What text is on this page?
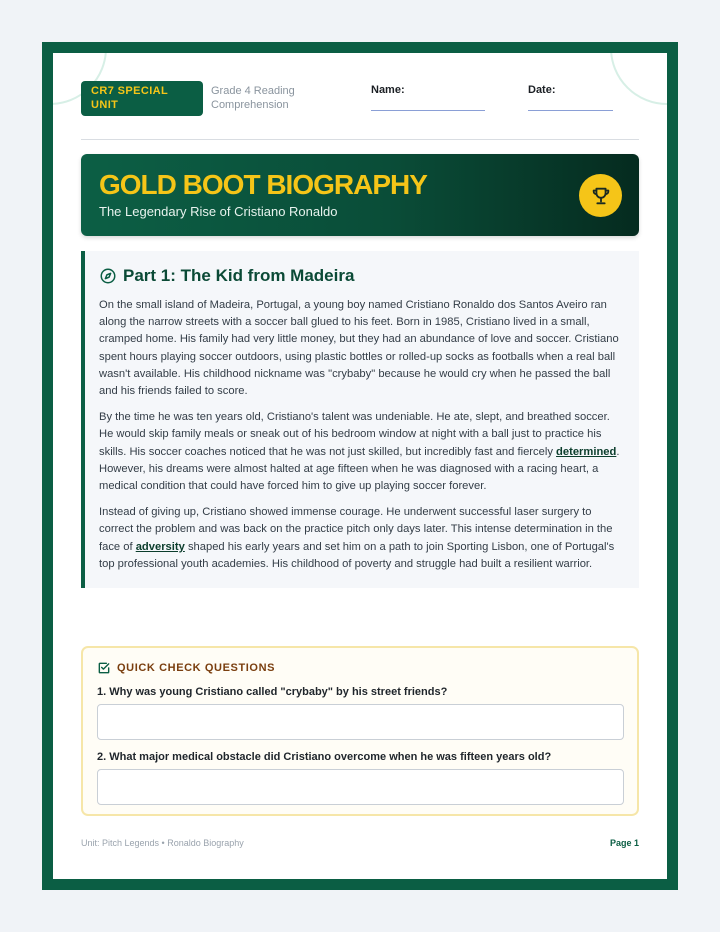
CR7 SPECIAL UNIT
Grade 4 Reading Comprehension
Name:	Date:
GOLD BOOT BIOGRAPHY
The Legendary Rise of Cristiano Ronaldo
Part 1: The Kid from Madeira

On the small island of Madeira, Portugal, a young boy named Cristiano Ronaldo dos Santos Aveiro ran along the narrow streets with a soccer ball glued to his feet. Born in 1985, Cristiano lived in a small, cramped home. His family had very little money, but they had an abundance of love and soccer. Cristiano spent hours playing soccer outdoors, using plastic bottles or rolled-up socks as footballs when a real ball wasn't available. His childhood nickname was "crybaby" because he would cry when he passed the ball and his friends failed to score.

By the time he was ten years old, Cristiano's talent was undeniable. He ate, slept, and breathed soccer. He would skip family meals or sneak out of his bedroom window at night with a ball just to practice his skills. His soccer coaches noticed that he was not just skilled, but incredibly fast and fiercely determined. However, his dreams were almost halted at age fifteen when he was diagnosed with a racing heart, a medical condition that could have forced him to give up playing soccer forever.

Instead of giving up, Cristiano showed immense courage. He underwent successful laser surgery to correct the problem and was back on the practice pitch only days later. This intense determination in the face of adversity shaped his early years and set him on a path to join Sporting Lisbon, one of Portugal's top professional youth academies. His childhood of poverty and struggle had built a resilient warrior.

QUICK CHECK QUESTIONS
1. Why was young Cristiano called "crybaby" by his street friends?
2. What major medical obstacle did Cristiano overcome when he was fifteen years old?
Unit: Pitch Legends • Ronaldo Biography	Page 1
